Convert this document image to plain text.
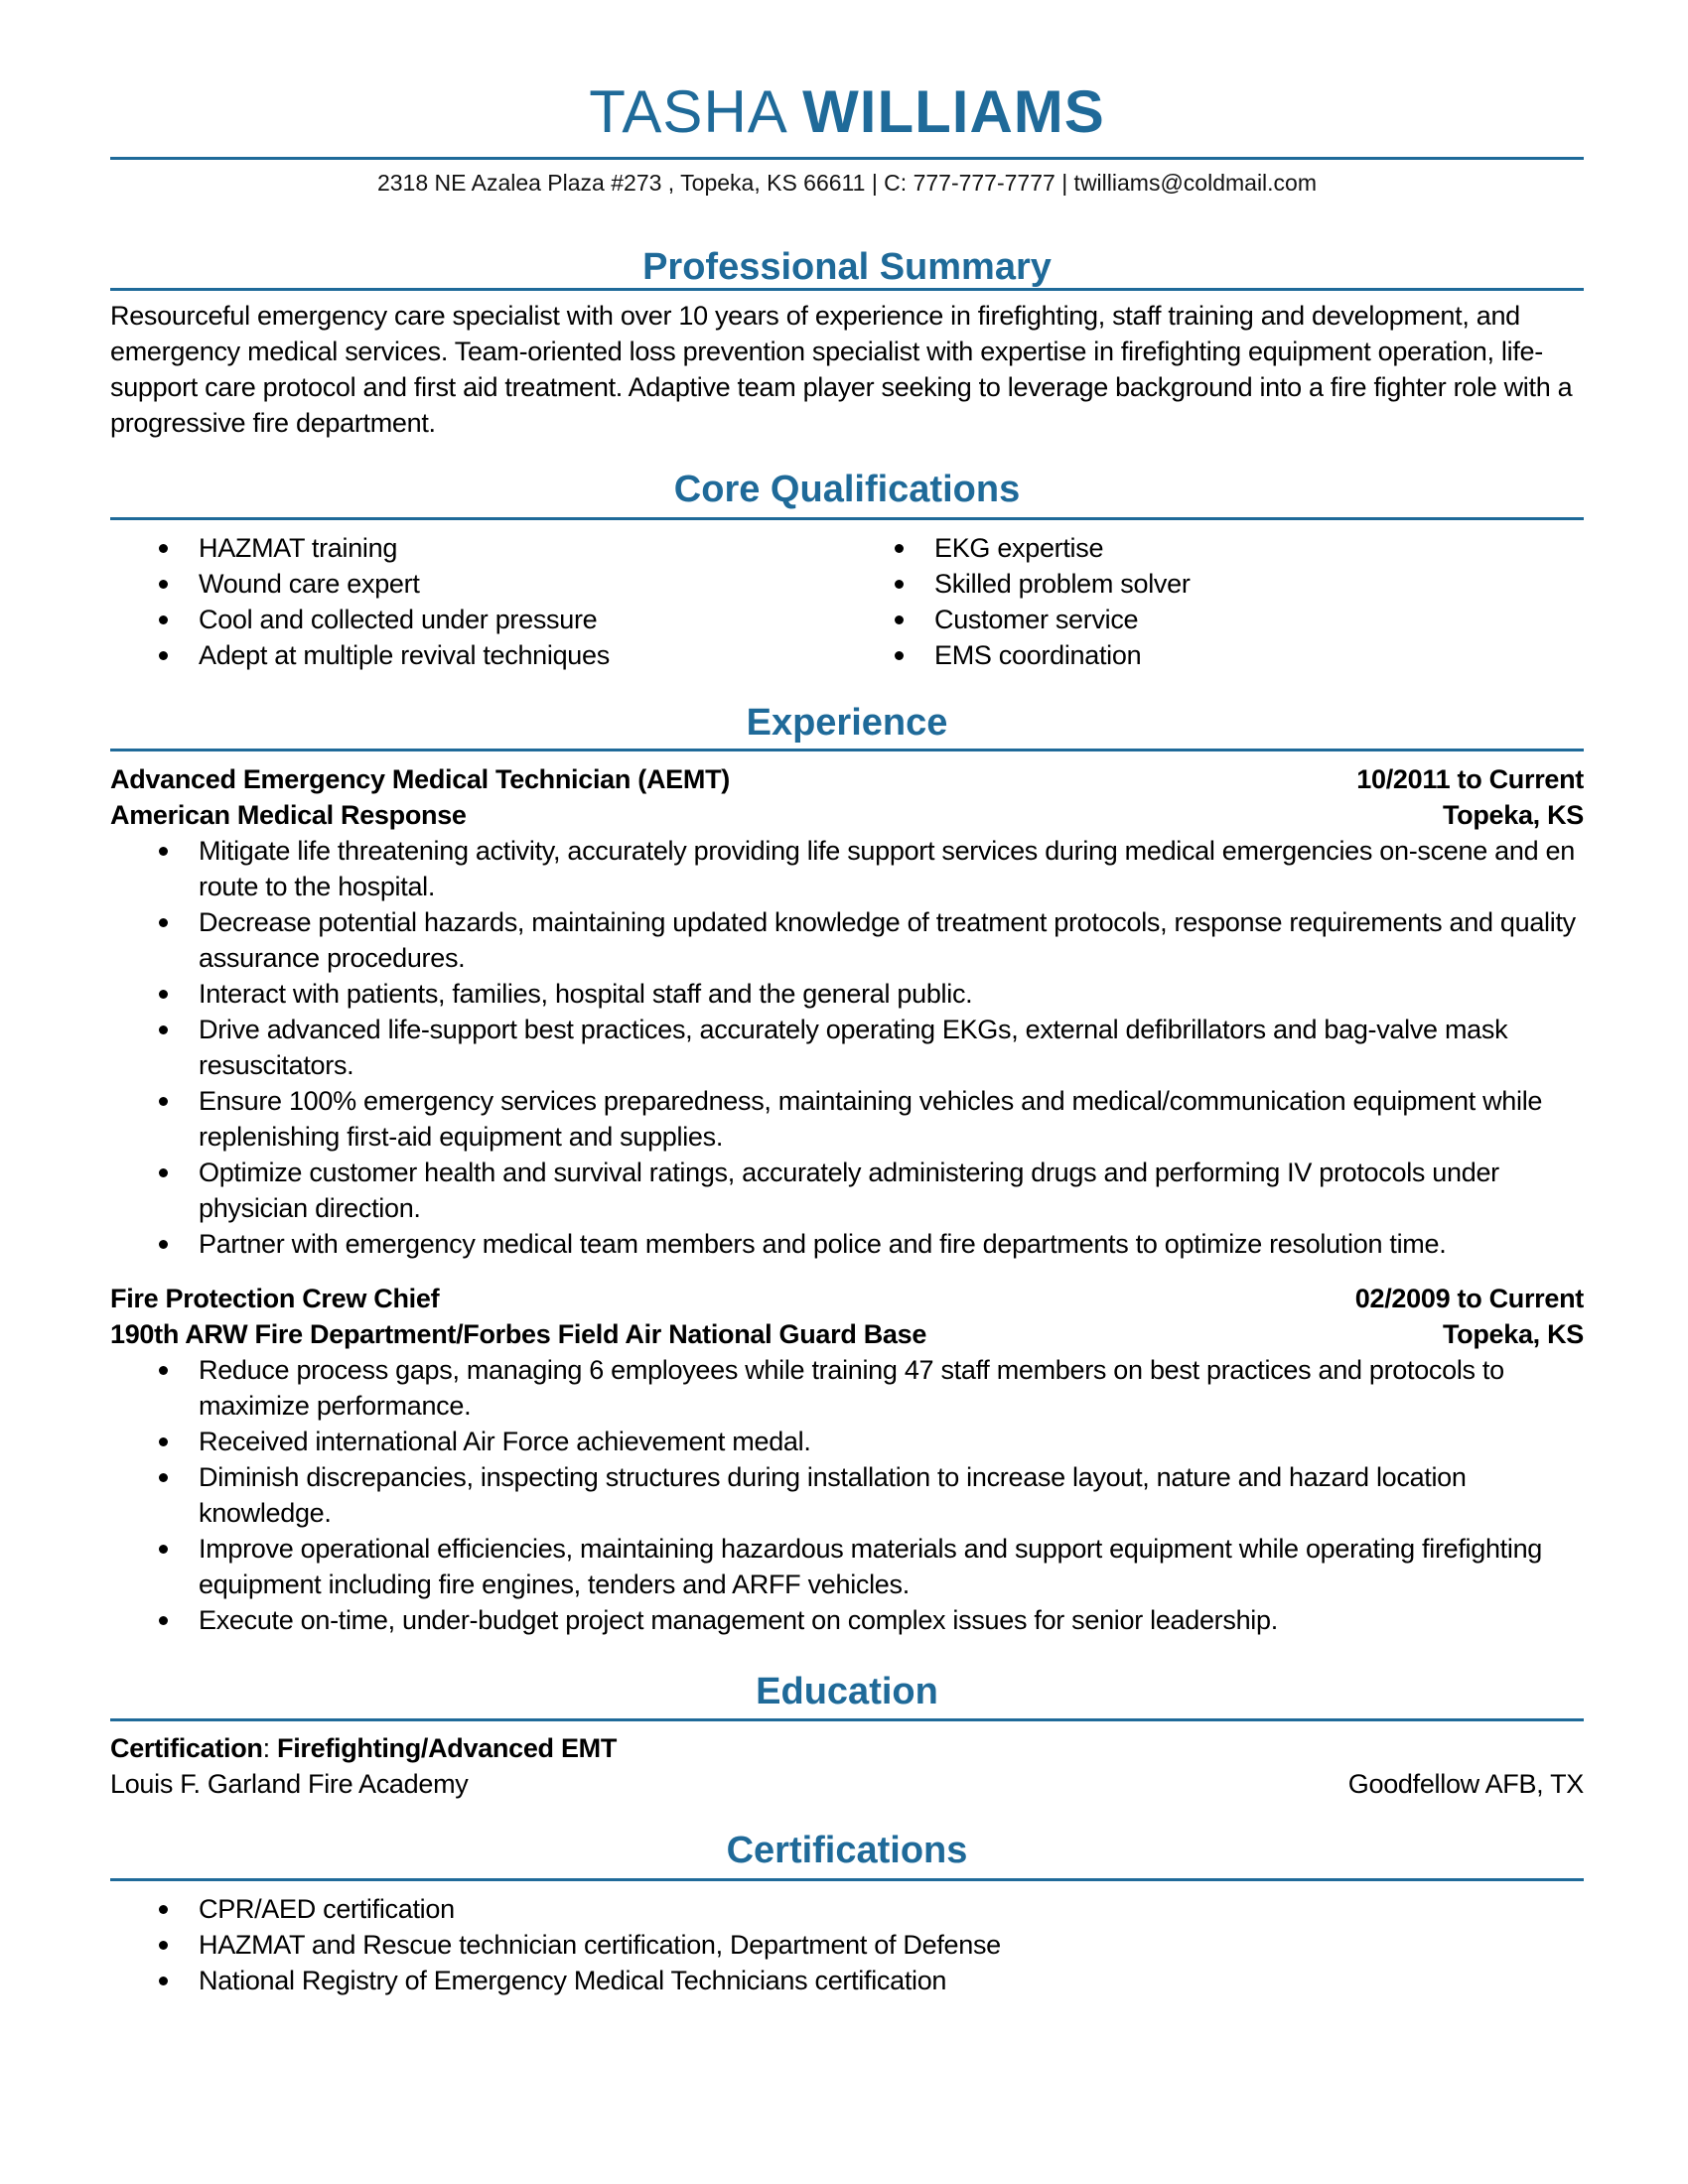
TASHA WILLIAMS
2318 NE Azalea Plaza #273 , Topeka, KS 66611 | C: 777-777-7777 | twilliams@coldmail.com
Professional Summary
Resourceful emergency care specialist with over 10 years of experience in firefighting, staff training and development, and emergency medical services. Team-oriented loss prevention specialist with expertise in firefighting equipment operation, life-support care protocol and first aid treatment. Adaptive team player seeking to leverage background into a fire fighter role with a progressive fire department.
Core Qualifications
HAZMAT training
Wound care expert
Cool and collected under pressure
Adept at multiple revival techniques
EKG expertise
Skilled problem solver
Customer service
EMS coordination
Experience
Advanced Emergency Medical Technician (AEMT)	10/2011 to Current
American Medical Response	Topeka, KS
Mitigate life threatening activity, accurately providing life support services during medical emergencies on-scene and en route to the hospital.
Decrease potential hazards, maintaining updated knowledge of treatment protocols, response requirements and quality assurance procedures.
Interact with patients, families, hospital staff and the general public.
Drive advanced life-support best practices, accurately operating EKGs, external defibrillators and bag-valve mask resuscitators.
Ensure 100% emergency services preparedness, maintaining vehicles and medical/communication equipment while replenishing first-aid equipment and supplies.
Optimize customer health and survival ratings, accurately administering drugs and performing IV protocols under physician direction.
Partner with emergency medical team members and police and fire departments to optimize resolution time.
Fire Protection Crew Chief	02/2009 to Current
190th ARW Fire Department/Forbes Field Air National Guard Base	Topeka, KS
Reduce process gaps, managing 6 employees while training 47 staff members on best practices and protocols to maximize performance.
Received international Air Force achievement medal.
Diminish discrepancies, inspecting structures during installation to increase layout, nature and hazard location knowledge.
Improve operational efficiencies, maintaining hazardous materials and support equipment while operating firefighting equipment including fire engines, tenders and ARFF vehicles.
Execute on-time, under-budget project management on complex issues for senior leadership.
Education
Certification: Firefighting/Advanced EMT
Louis F. Garland Fire Academy	Goodfellow AFB, TX
Certifications
CPR/AED certification
HAZMAT and Rescue technician certification, Department of Defense
National Registry of Emergency Medical Technicians certification
